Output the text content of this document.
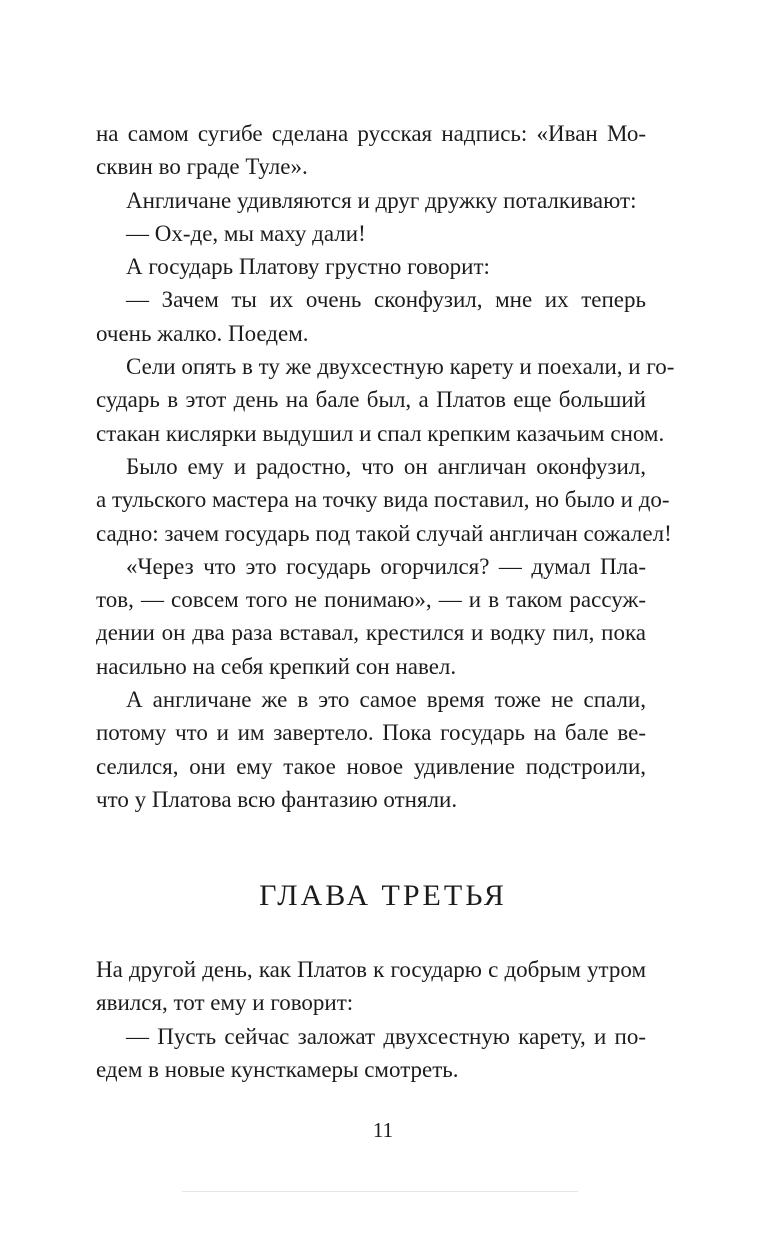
на самом сугибе сделана русская надпись: «Иван Мо-
сквин во граде Туле».
Англичане удивляются и друг дружку поталкивают:
— Ох-де, мы маху дали!
А государь Платову грустно говорит:
— Зачем ты их очень сконфузил, мне их теперь
очень жалко. Поедем.
Сели опять в ту же двухсестную карету и поехали, и го-
сударь в этот день на бале был, а Платов еще больший
стакан кислярки выдушил и спал крепким казачьим сном.
Было ему и радостно, что он англичан оконфузил,
а тульского мастера на точку вида поставил, но было и до-
садно: зачем государь под такой случай англичан сожалел!
«Через что это государь огорчился? — думал Пла-
тов, — совсем того не понимаю», — и в таком рассуж-
дении он два раза вставал, крестился и водку пил, пока
насильно на себя крепкий сон навел.
А англичане же в это самое время тоже не спали,
потому что и им завертело. Пока государь на бале ве-
селился, они ему такое новое удивление подстроили,
что у Платова всю фантазию отняли.
ГЛАВА ТРЕТЬЯ
На другой день, как Платов к государю с добрым утром
явился, тот ему и говорит:
— Пусть сейчас заложат двухсестную карету, и по-
едем в новые кунсткамеры смотреть.
11
